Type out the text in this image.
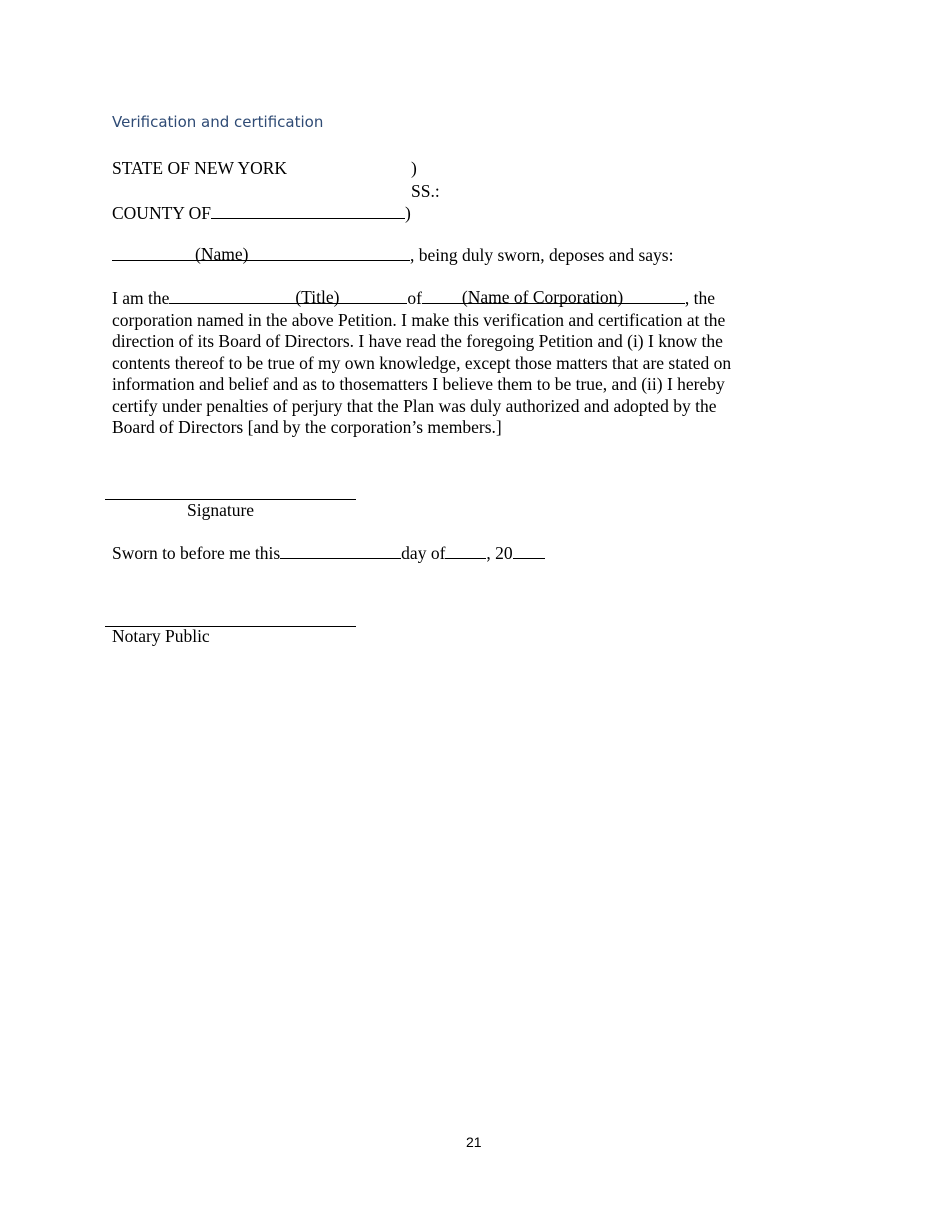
Verification and certification
STATE OF NEW YORK	)
SS.:
COUNTY OF	)
(Name)	, being duly sworn, deposes and says:
I am the	(Title)	of (Name of Corporation)	, the
corporation named in the above Petition. I make this verification and certification at the
direction of its Board of Directors. I have read the foregoing Petition and (i) I know the
contents thereof to be true of my own knowledge, except those matters that are stated on
information and belief and as to thosematters I believe them to be true, and (ii) I hereby
certify under penalties of perjury that the Plan was duly authorized and adopted by the
Board of Directors [and by the corporation’s members.]
Signature
Sworn to before me this	day of , 20
Notary Public
21
